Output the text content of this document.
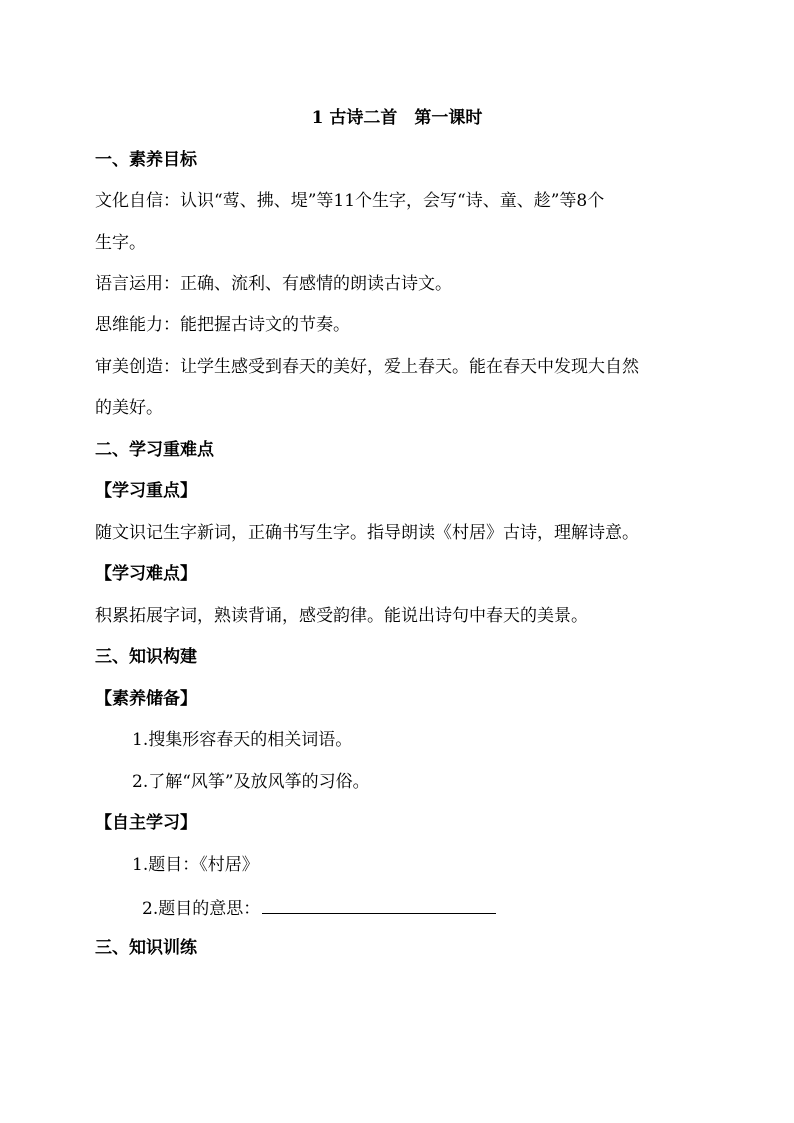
1 古诗二首　第一课时
一、素养目标
文化自信：认识“莺、拂、堤”等11个生字，会写“诗、童、趁”等8个
生字。
语言运用：正确、流利、有感情的朗读古诗文。
思维能力：能把握古诗文的节奏。
审美创造：让学生感受到春天的美好，爱上春天。能在春天中发现大自然
的美好。
二、学习重难点
【学习重点】
随文识记生字新词，正确书写生字。指导朗读《村居》古诗，理解诗意。
【学习难点】
积累拓展字词，熟读背诵，感受韵律。能说出诗句中春天的美景。
三、知识构建
【素养储备】
1.搜集形容春天的相关词语。
2.了解“风筝”及放风筝的习俗。
【自主学习】
1.题目：《村居》
2.题目的意思：
三、知识训练
